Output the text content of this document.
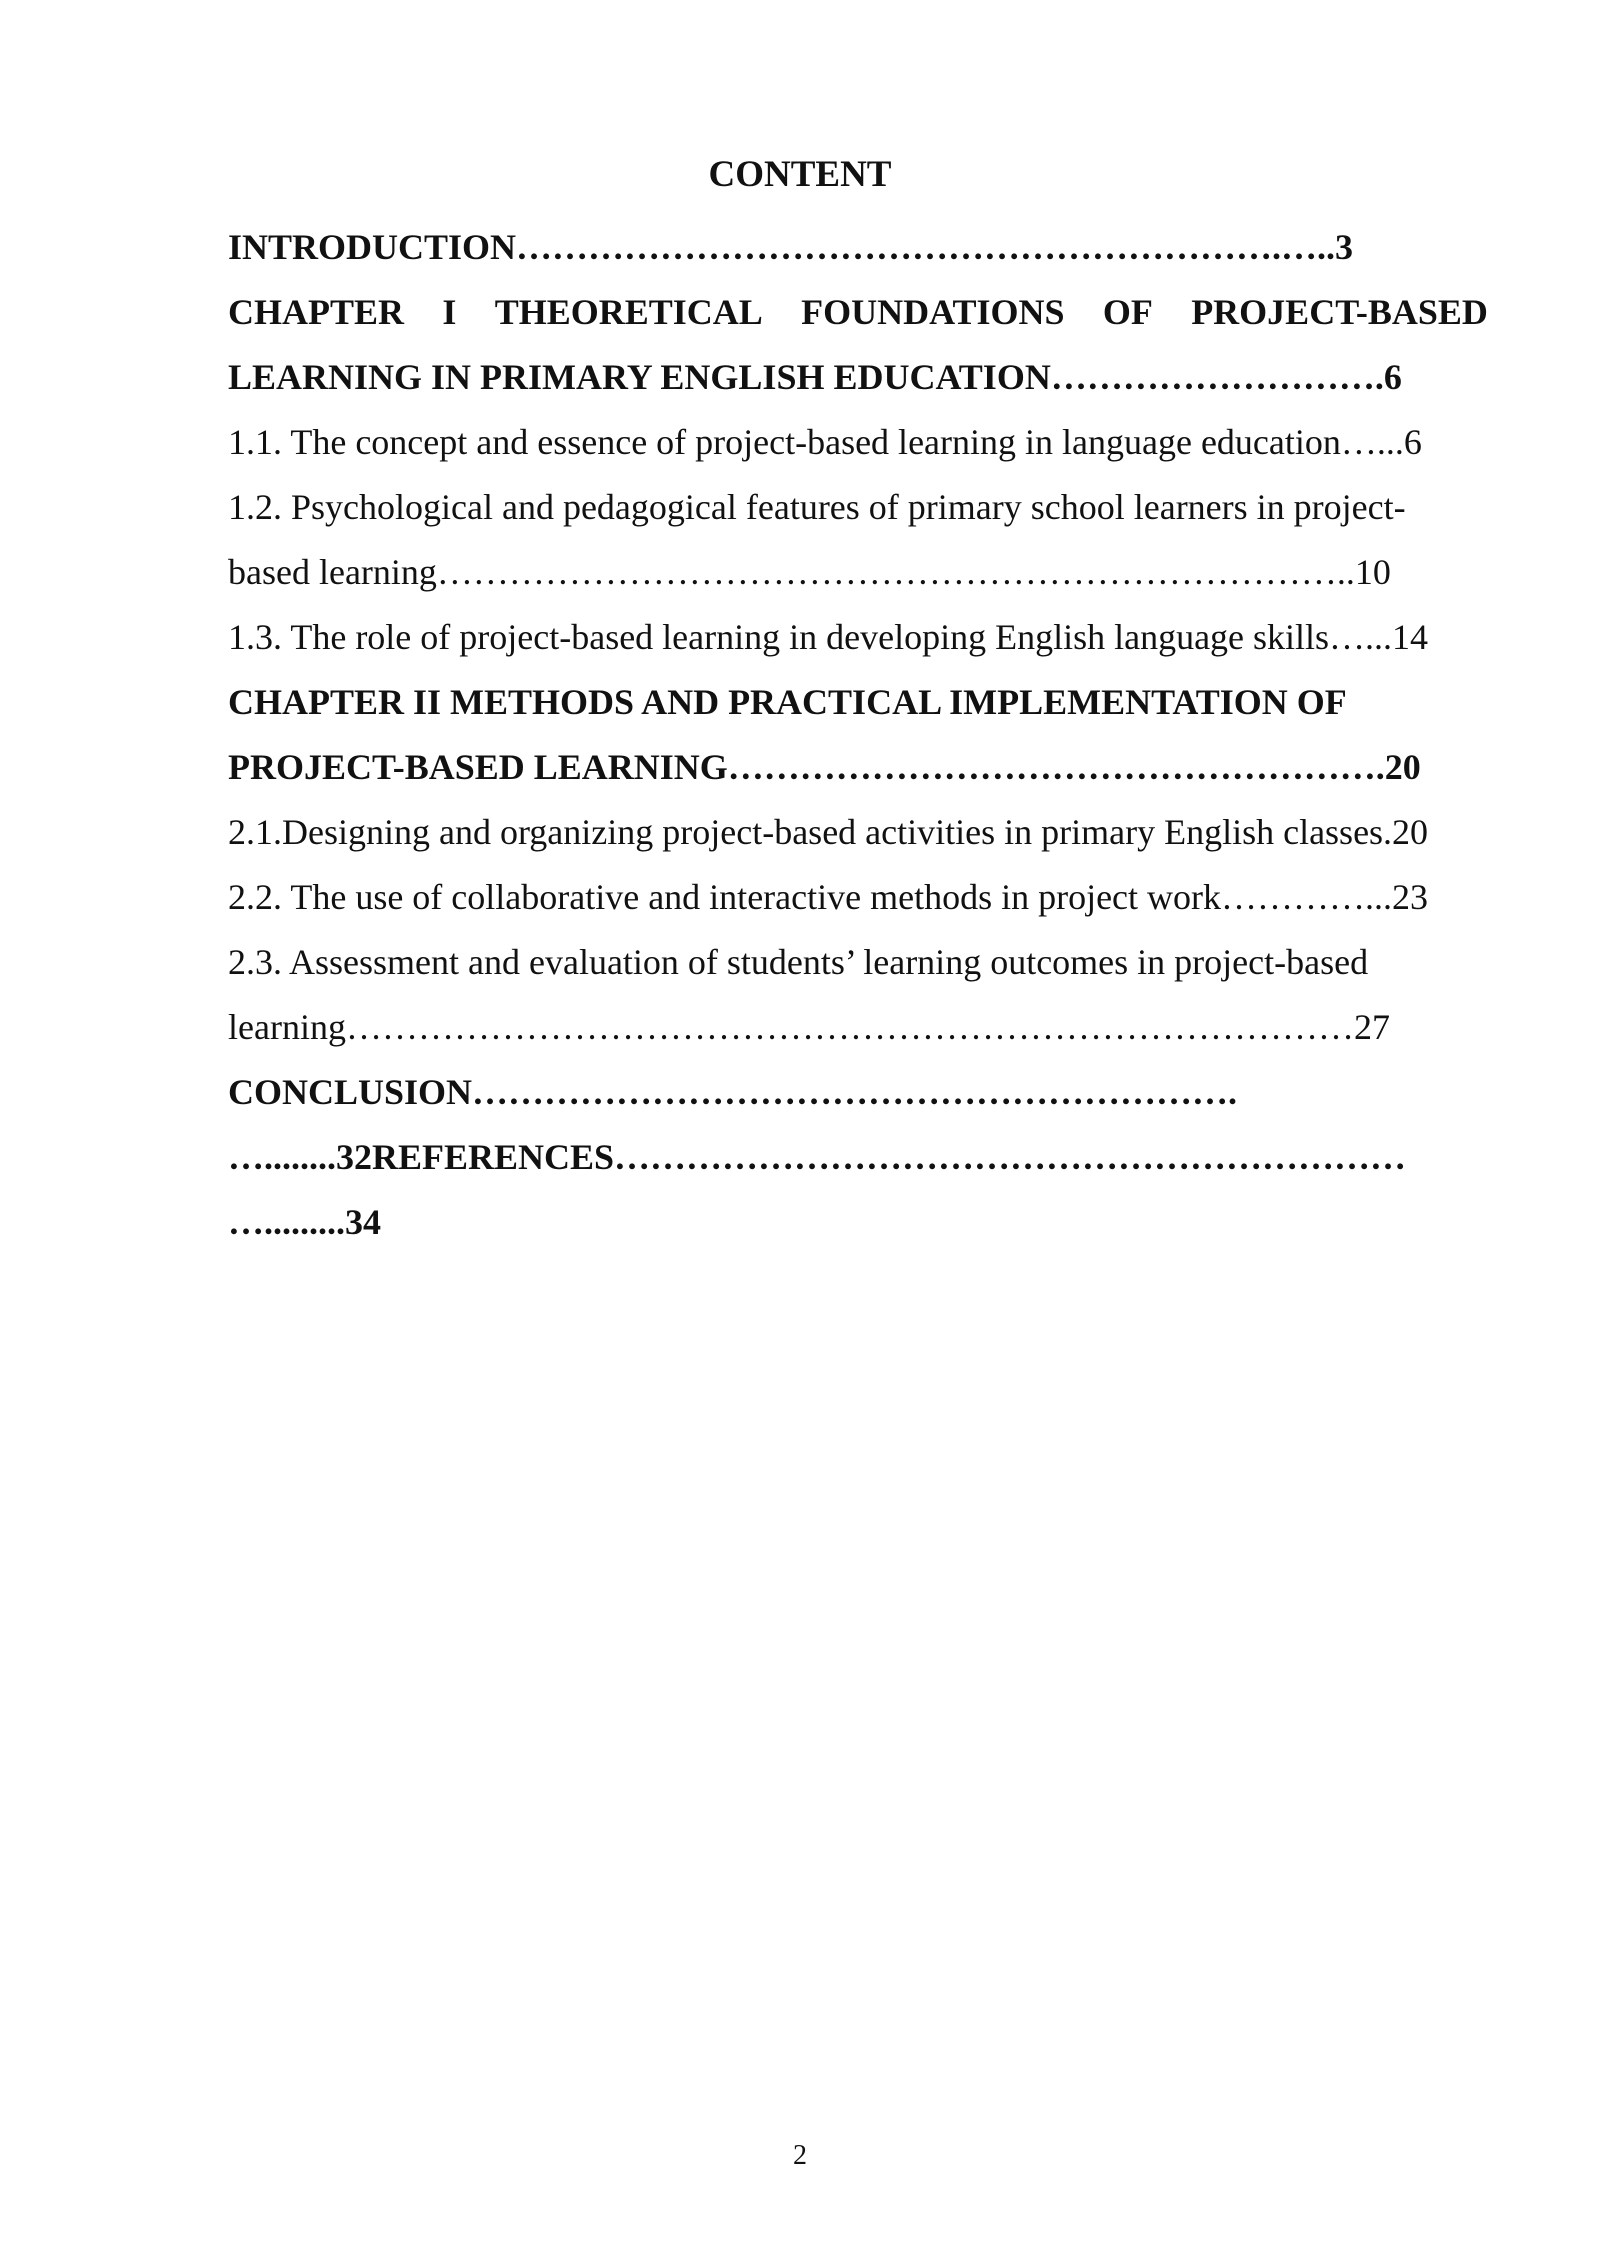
CONTENT
INTRODUCTION……………………………………………………….…..3
CHAPTER I THEORETICAL FOUNDATIONS OF PROJECT-BASED
LEARNING IN PRIMARY ENGLISH EDUCATION……………………….6
1.1. The concept and essence of project-based learning in language education…...6
1.2. Psychological and pedagogical features of primary school learners in project-
based learning…………………………………………………………………..10
1.3. The role of project-based learning in developing English language skills…...14
CHAPTER II METHODS AND PRACTICAL IMPLEMENTATION OF
PROJECT-BASED LEARNING……………………………………………….20
2.1.Designing and organizing project-based activities in primary English classes.20
2.2. The use of collaborative and interactive methods in project work…………...23
2.3. Assessment and evaluation of students’ learning outcomes in project-based
learning…………………………………………………………………………27
CONCLUSION……………………………………………………….
…........32REFERENCES…………………………………………………………
….........34
2
